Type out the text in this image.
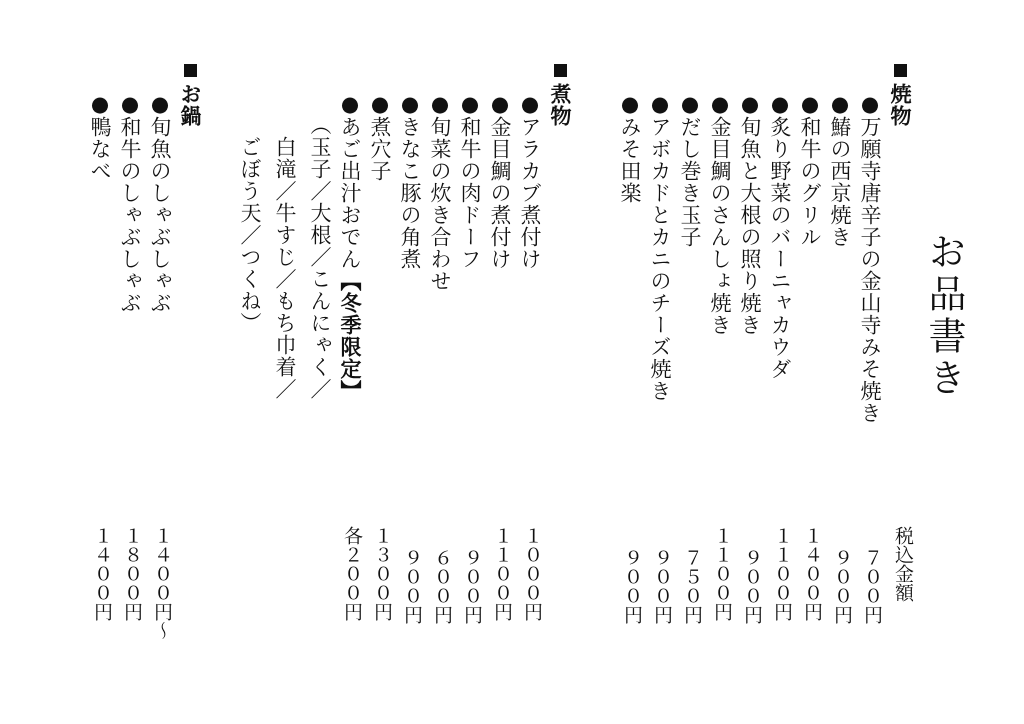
お品書き
税込金額
焼物
●万願寺唐辛子の金山寺みそ焼き
●鰆の西京焼き
●和牛のグリル
●炙り野菜のバーニャカウダ
●旬魚と大根の照り焼き
●金目鯛のさんしょ焼き
●だし巻き玉子
●アボカドとカニのチーズ焼き
●みそ田楽
７００円
９００円
１４００円
１１００円
９００円
１１００円
７５０円
９００円
９００円
煮物
●アラカブ煮付け
●金目鯛の煮付け
●和牛の肉ドーフ
●旬菜の炊き合わせ
●きなこ豚の角煮
●煮穴子
●あご出汁おでん【冬季限定】
（玉子／大根／こんにゃく／
白滝／牛すじ／もち巾着／
ごぼう天／つくね）
１０００円
１１００円
９００円
６００円
９００円
１３００円
各２００円
お鍋
●旬魚のしゃぶしゃぶ
●和牛のしゃぶしゃぶ
●鴨なべ
１４００円～
１８００円
１４００円
